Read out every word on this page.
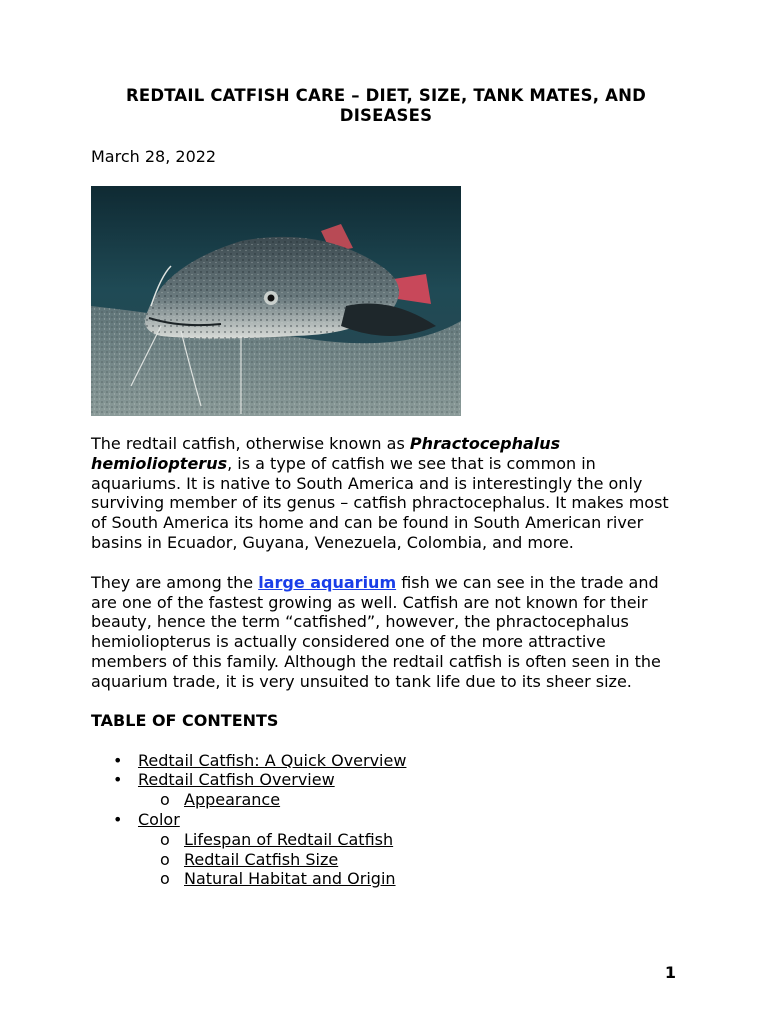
REDTAIL CATFISH CARE – DIET, SIZE, TANK MATES, AND DISEASES

March 28, 2022

The redtail catfish, otherwise known as Phractocephalus hemioliopterus, is a type of catfish we see that is common in aquariums. It is native to South America and is interestingly the only surviving member of its genus – catfish phractocephalus. It makes most of South America its home and can be found in South American river basins in Ecuador, Guyana, Venezuela, Colombia, and more.

They are among the large aquarium fish we can see in the trade and are one of the fastest growing as well. Catfish are not known for their beauty, hence the term “catfished”, however, the phractocephalus hemioliopterus is actually considered one of the more attractive members of this family. Although the redtail catfish is often seen in the aquarium trade, it is very unsuited to tank life due to its sheer size.

TABLE OF CONTENTS

• Redtail Catfish: A Quick Overview
• Redtail Catfish Overview
o Appearance
• Color
o Lifespan of Redtail Catfish
o Redtail Catfish Size
o Natural Habitat and Origin
1
